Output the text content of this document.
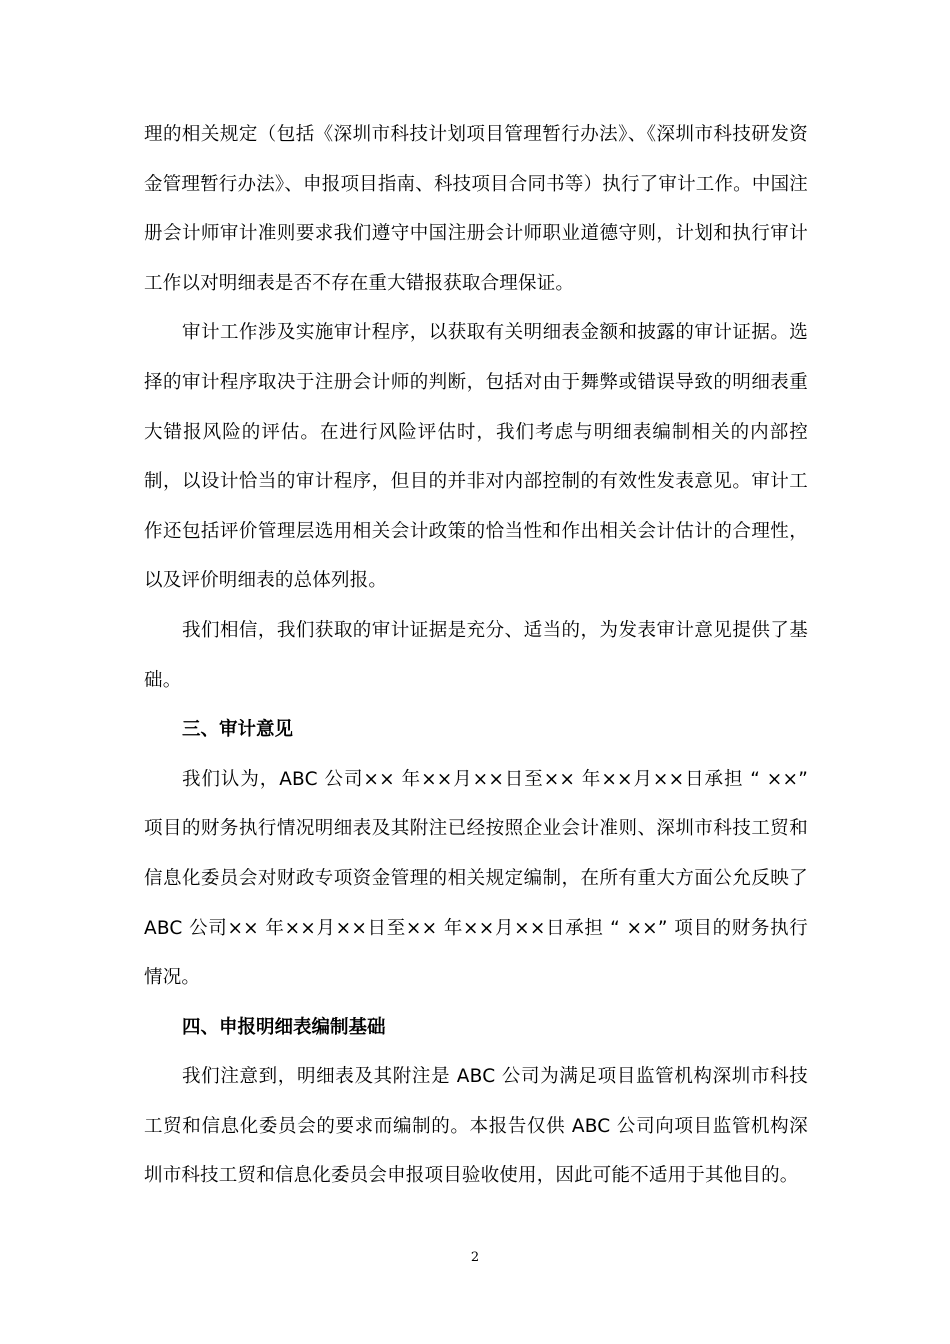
理的相关规定（包括《深圳市科技计划项目管理暂行办法》、《深圳市科技研发资金管理暂行办法》、申报项目指南、科技项目合同书等）执行了审计工作。中国注册会计师审计准则要求我们遵守中国注册会计师职业道德守则，计划和执行审计工作以对明细表是否不存在重大错报获取合理保证。

审计工作涉及实施审计程序，以获取有关明细表金额和披露的审计证据。选择的审计程序取决于注册会计师的判断，包括对由于舞弊或错误导致的明细表重大错报风险的评估。在进行风险评估时，我们考虑与明细表编制相关的内部控制，以设计恰当的审计程序，但目的并非对内部控制的有效性发表意见。审计工作还包括评价管理层选用相关会计政策的恰当性和作出相关会计估计的合理性，以及评价明细表的总体列报。

我们相信，我们获取的审计证据是充分、适当的，为发表审计意见提供了基础。

三、审计意见

我们认为，ABC 公司×× 年××月××日至×× 年××月××日承担 “ ××” 项目的财务执行情况明细表及其附注已经按照企业会计准则、深圳市科技工贸和信息化委员会对财政专项资金管理的相关规定编制，在所有重大方面公允反映了 ABC 公司×× 年××月××日至×× 年××月××日承担 “ ××” 项目的财务执行情况。

四、申报明细表编制基础

我们注意到，明细表及其附注是 ABC 公司为满足项目监管机构深圳市科技工贸和信息化委员会的要求而编制的。本报告仅供 ABC 公司向项目监管机构深圳市科技工贸和信息化委员会申报项目验收使用，因此可能不适用于其他目的。

2
